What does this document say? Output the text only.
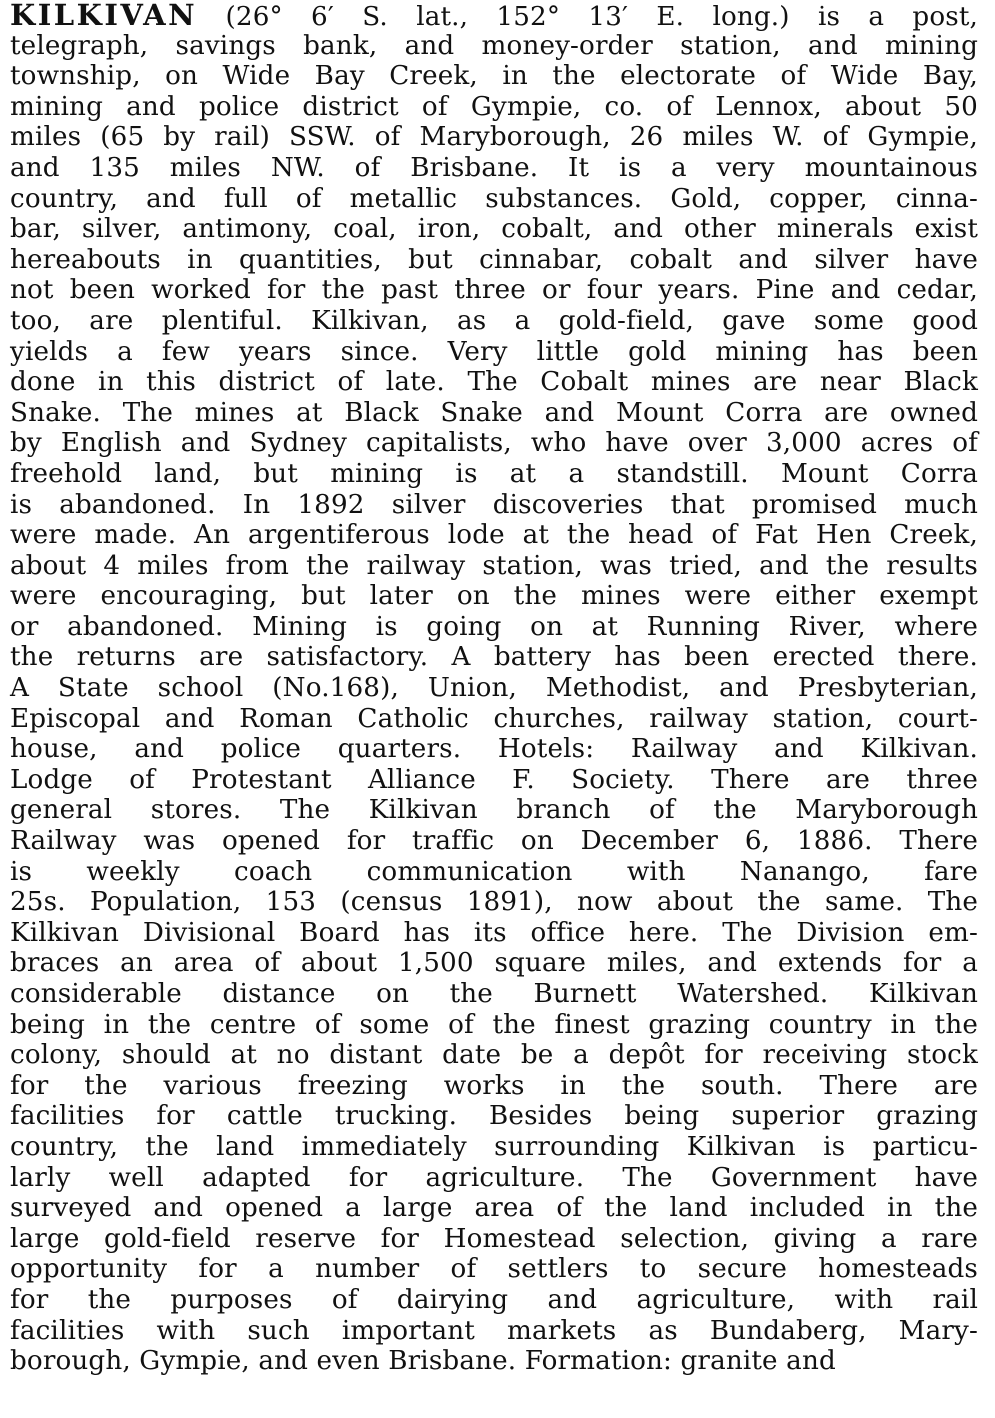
KILKIVAN (26° 6′ S. lat., 152° 13′ E. long.) is a post,
telegraph, savings bank, and money-order station, and mining
township, on Wide Bay Creek, in the electorate of Wide Bay,
mining and police district of Gympie, co. of Lennox, about 50
miles (65 by rail) SSW. of Maryborough, 26 miles W. of Gympie,
and 135 miles NW. of Brisbane. It is a very mountainous
country, and full of metallic substances. Gold, copper, cinna-
bar, silver, antimony, coal, iron, cobalt, and other minerals exist
hereabouts in quantities, but cinnabar, cobalt and silver have
not been worked for the past three or four years. Pine and cedar,
too, are plentiful. Kilkivan, as a gold-field, gave some good
yields a few years since. Very little gold mining has been
done in this district of late. The Cobalt mines are near Black
Snake. The mines at Black Snake and Mount Corra are owned
by English and Sydney capitalists, who have over 3,000 acres of
freehold land, but mining is at a standstill. Mount Corra
is abandoned. In 1892 silver discoveries that promised much
were made. An argentiferous lode at the head of Fat Hen Creek,
about 4 miles from the railway station, was tried, and the results
were encouraging, but later on the mines were either exempt
or abandoned. Mining is going on at Running River, where
the returns are satisfactory. A battery has been erected there.
A State school (No.168), Union, Methodist, and Presbyterian,
Episcopal and Roman Catholic churches, railway station, court-
house, and police quarters. Hotels: Railway and Kilkivan.
Lodge of Protestant Alliance F. Society. There are three
general stores. The Kilkivan branch of the Maryborough
Railway was opened for traffic on December 6, 1886. There
is weekly coach communication with Nanango, fare
25s. Population, 153 (census 1891), now about the same. The
Kilkivan Divisional Board has its office here. The Division em-
braces an area of about 1,500 square miles, and extends for a
considerable distance on the Burnett Watershed. Kilkivan
being in the centre of some of the finest grazing country in the
colony, should at no distant date be a depôt for receiving stock
for the various freezing works in the south. There are
facilities for cattle trucking. Besides being superior grazing
country, the land immediately surrounding Kilkivan is particu-
larly well adapted for agriculture. The Government have
surveyed and opened a large area of the land included in the
large gold-field reserve for Homestead selection, giving a rare
opportunity for a number of settlers to secure homesteads
for the purposes of dairying and agriculture, with rail
facilities with such important markets as Bundaberg, Mary-
borough, Gympie, and even Brisbane. Formation: granite and
